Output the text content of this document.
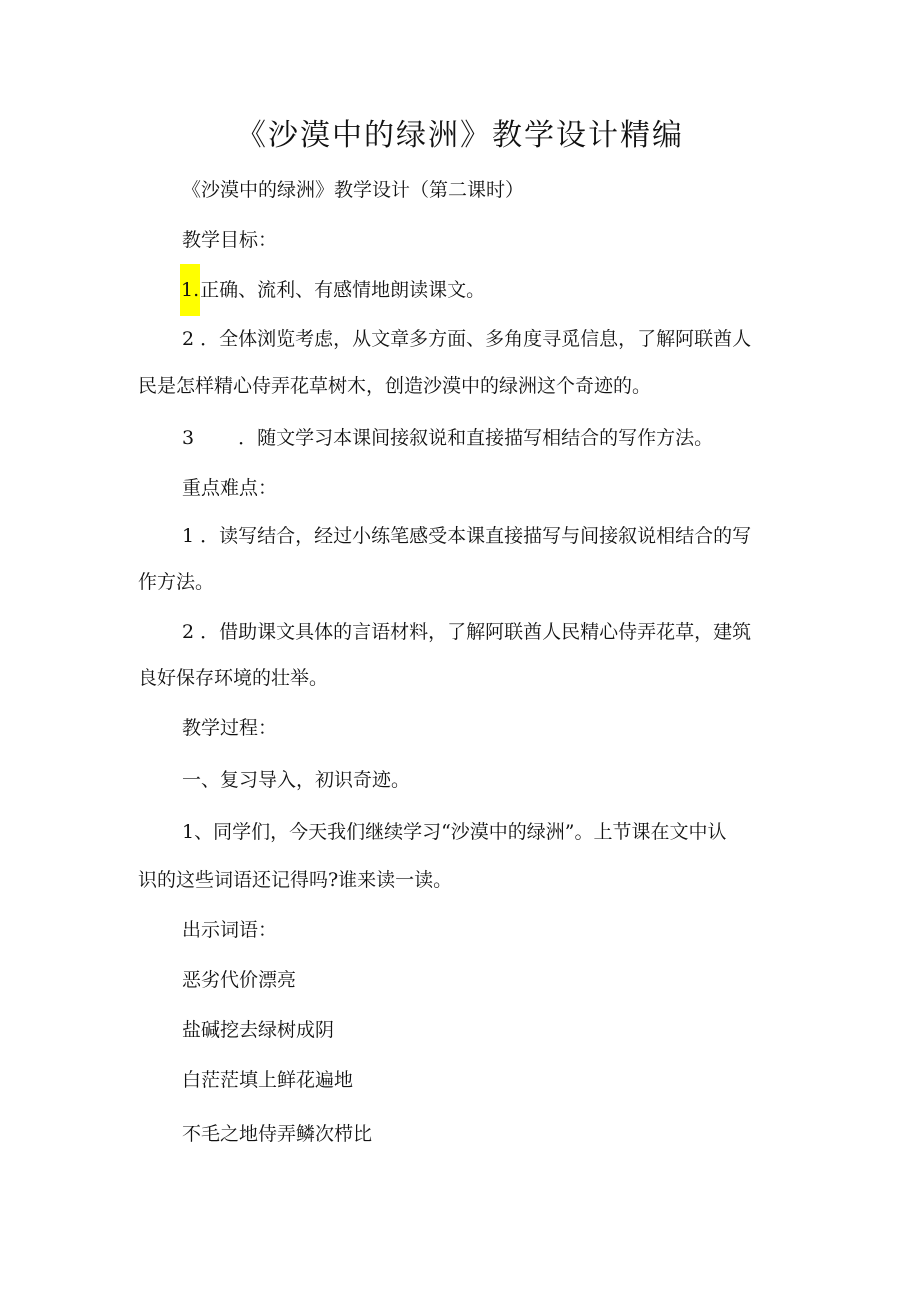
《沙漠中的绿洲》教学设计精编
《沙漠中的绿洲》教学设计（第二课时）
教学目标：
1.正确、流利、有感情地朗读课文。
2 ．全体浏览考虑，从文章多方面、多角度寻觅信息，了解阿联酋人
民是怎样精心侍弄花草树木，创造沙漠中的绿洲这个奇迹的。
3 ．随文学习本课间接叙说和直接描写相结合的写作方法。
重点难点：
1 ．读写结合，经过小练笔感受本课直接描写与间接叙说相结合的写
作方法。
2 ．借助课文具体的言语材料，了解阿联酋人民精心侍弄花草，建筑
良好保存环境的壮举。
教学过程：
一、复习导入，初识奇迹。
1、同学们，今天我们继续学习“沙漠中的绿洲”。上节课在文中认
识的这些词语还记得吗?谁来读一读。
出示词语：
恶劣代价漂亮
盐碱挖去绿树成阴
白茫茫填上鲜花遍地
不毛之地侍弄鳞次栉比
